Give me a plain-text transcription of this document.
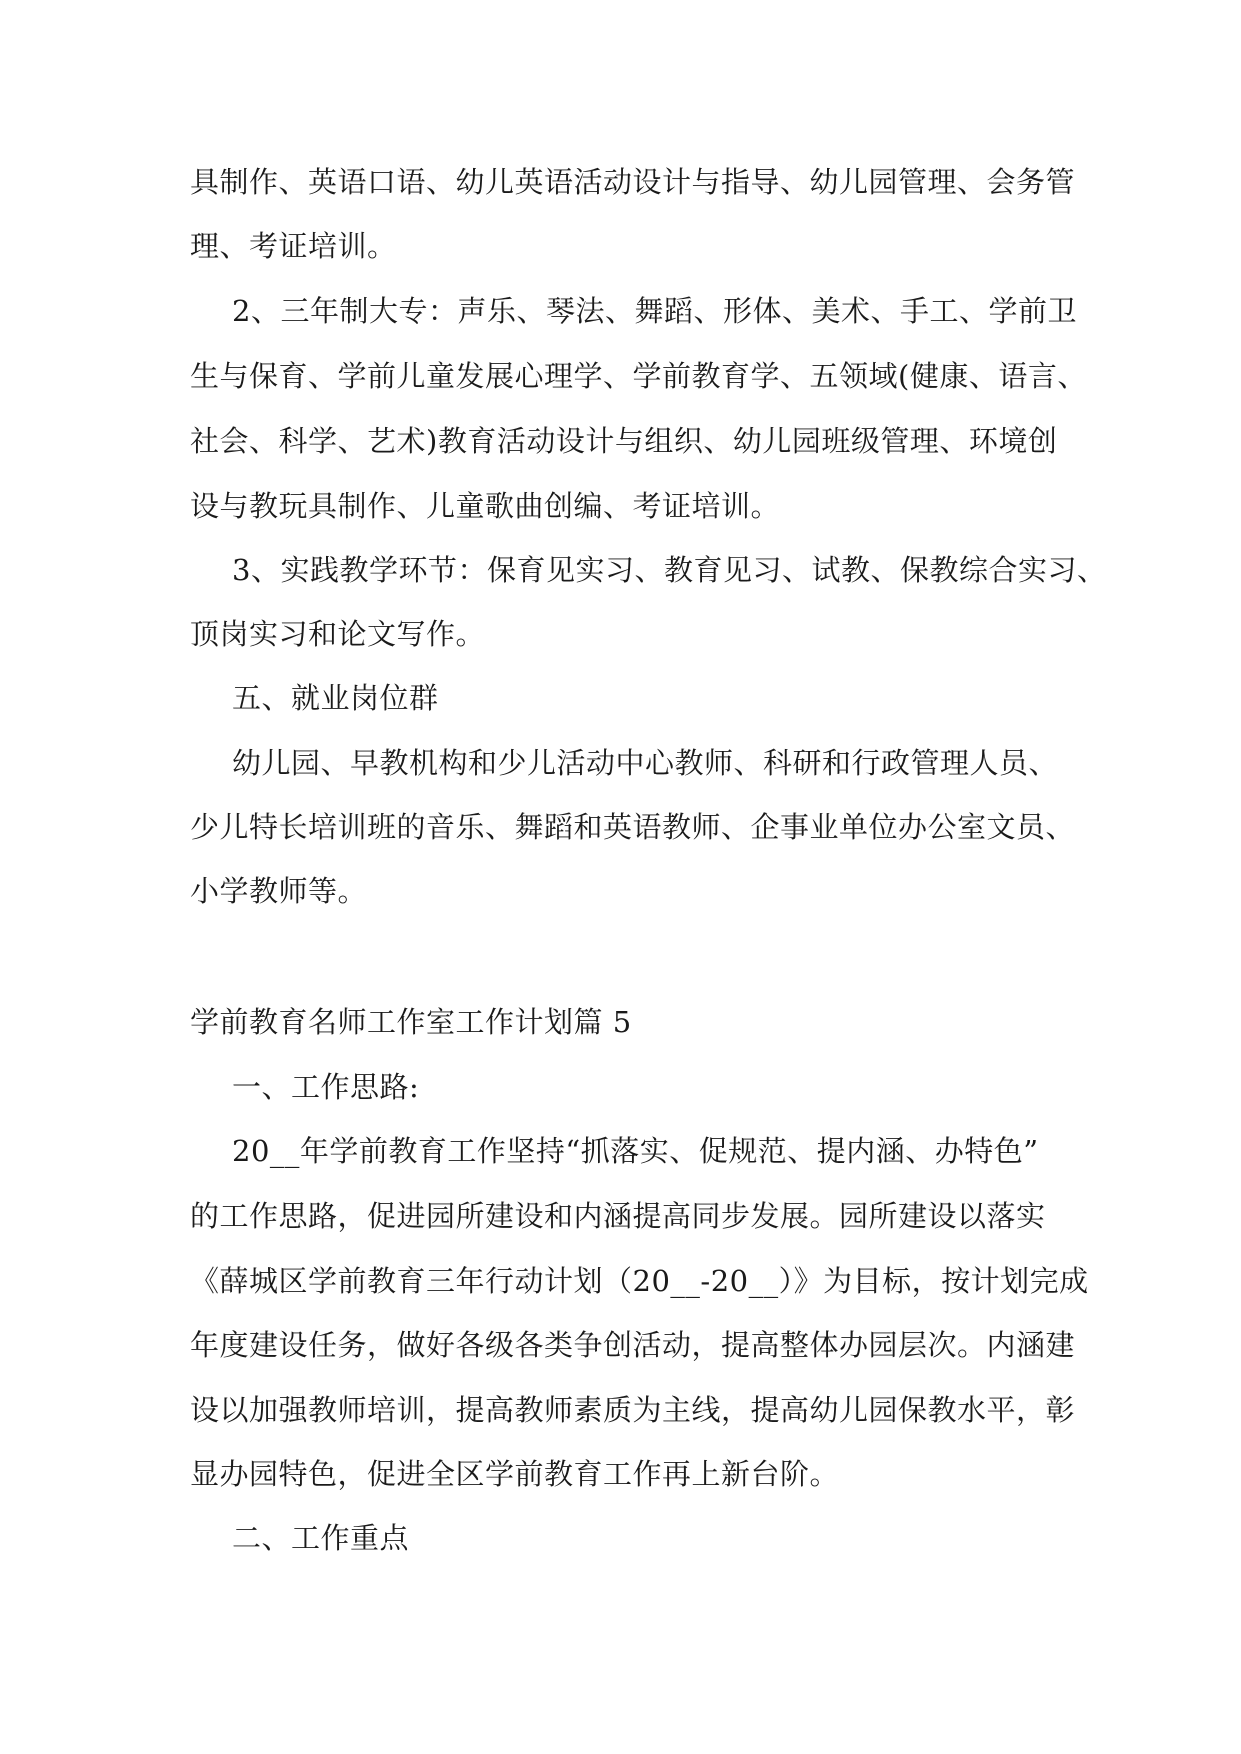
具制作、英语口语、幼儿英语活动设计与指导、幼儿园管理、会务管
理、考证培训。
2、三年制大专：声乐、琴法、舞蹈、形体、美术、手工、学前卫
生与保育、学前儿童发展心理学、学前教育学、五领域(健康、语言、
社会、科学、艺术)教育活动设计与组织、幼儿园班级管理、环境创
设与教玩具制作、儿童歌曲创编、考证培训。
3、实践教学环节：保育见实习、教育见习、试教、保教综合实习、
顶岗实习和论文写作。
五、就业岗位群
幼儿园、早教机构和少儿活动中心教师、科研和行政管理人员、
少儿特长培训班的音乐、舞蹈和英语教师、企事业单位办公室文员、
小学教师等。
学前教育名师工作室工作计划篇 5
一、工作思路:
20__年学前教育工作坚持“抓落实、促规范、提内涵、办特色”
的工作思路，促进园所建设和内涵提高同步发展。园所建设以落实
《薛城区学前教育三年行动计划（20__-20__）》为目标，按计划完成
年度建设任务，做好各级各类争创活动，提高整体办园层次。内涵建
设以加强教师培训，提高教师素质为主线，提高幼儿园保教水平，彰
显办园特色，促进全区学前教育工作再上新台阶。
二、工作重点
